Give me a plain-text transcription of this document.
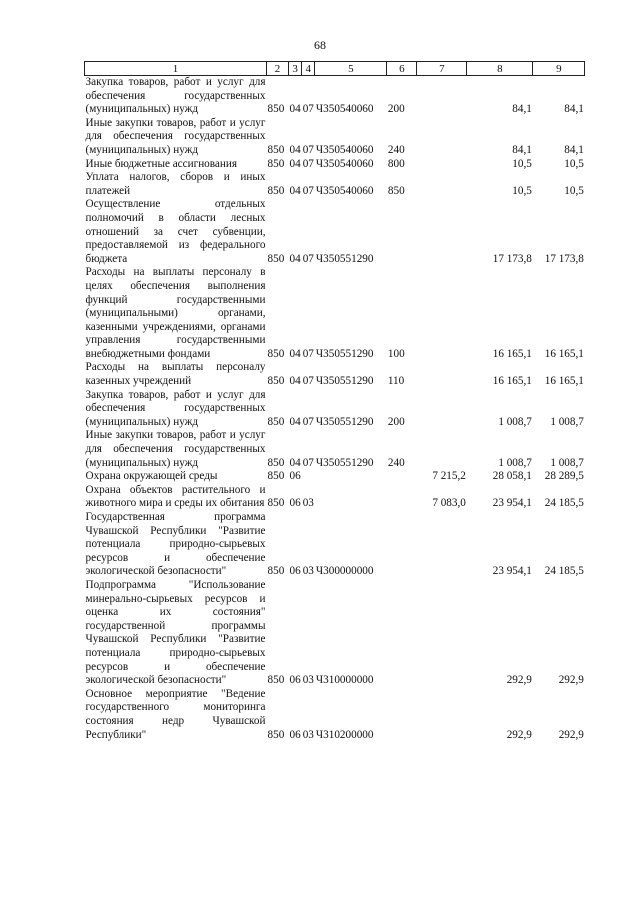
68
1	2	3	4	5	6	7	8	9
Закупка товаров, работ и услуг для обеспечения государственных (муниципальных) нужд	850	04	07	Ч350540060	200		84,1	84,1
Иные закупки товаров, работ и услуг для обеспечения государственных (муниципальных) нужд	850	04	07	Ч350540060	240		84,1	84,1
Иные бюджетные ассигнования	850	04	07	Ч350540060	800		10,5	10,5
Уплата налогов, сборов и иных платежей	850	04	07	Ч350540060	850		10,5	10,5
Осуществление отдельных полномочий в области лесных отношений за счет субвенции, предоставляемой из федерального бюджета	850	04	07	Ч350551290			17 173,8	17 173,8
Расходы на выплаты персоналу в целях обеспечения выполнения функций государственными (муниципальными) органами, казенными учреждениями, органами управления государственными внебюджетными фондами	850	04	07	Ч350551290	100		16 165,1	16 165,1
Расходы на выплаты персоналу казенных учреждений	850	04	07	Ч350551290	110		16 165,1	16 165,1
Закупка товаров, работ и услуг для обеспечения государственных (муниципальных) нужд	850	04	07	Ч350551290	200		1 008,7	1 008,7
Иные закупки товаров, работ и услуг для обеспечения государственных (муниципальных) нужд	850	04	07	Ч350551290	240		1 008,7	1 008,7
Охрана окружающей среды	850	06				7 215,2	28 058,1	28 289,5
Охрана объектов растительного и животного мира и среды их обитания	850	06	03			7 083,0	23 954,1	24 185,5
Государственная программа Чувашской Республики "Развитие потенциала природно-сырьевых ресурсов и обеспечение экологической безопасности"	850	06	03	Ч300000000			23 954,1	24 185,5
Подпрограмма "Использование минерально-сырьевых ресурсов и оценка их состояния" государственной программы Чувашской Республики "Развитие потенциала природно-сырьевых ресурсов и обеспечение экологической безопасности"	850	06	03	Ч310000000			292,9	292,9
Основное мероприятие "Ведение государственного мониторинга состояния недр Чувашской Республики"	850	06	03	Ч310200000			292,9	292,9
